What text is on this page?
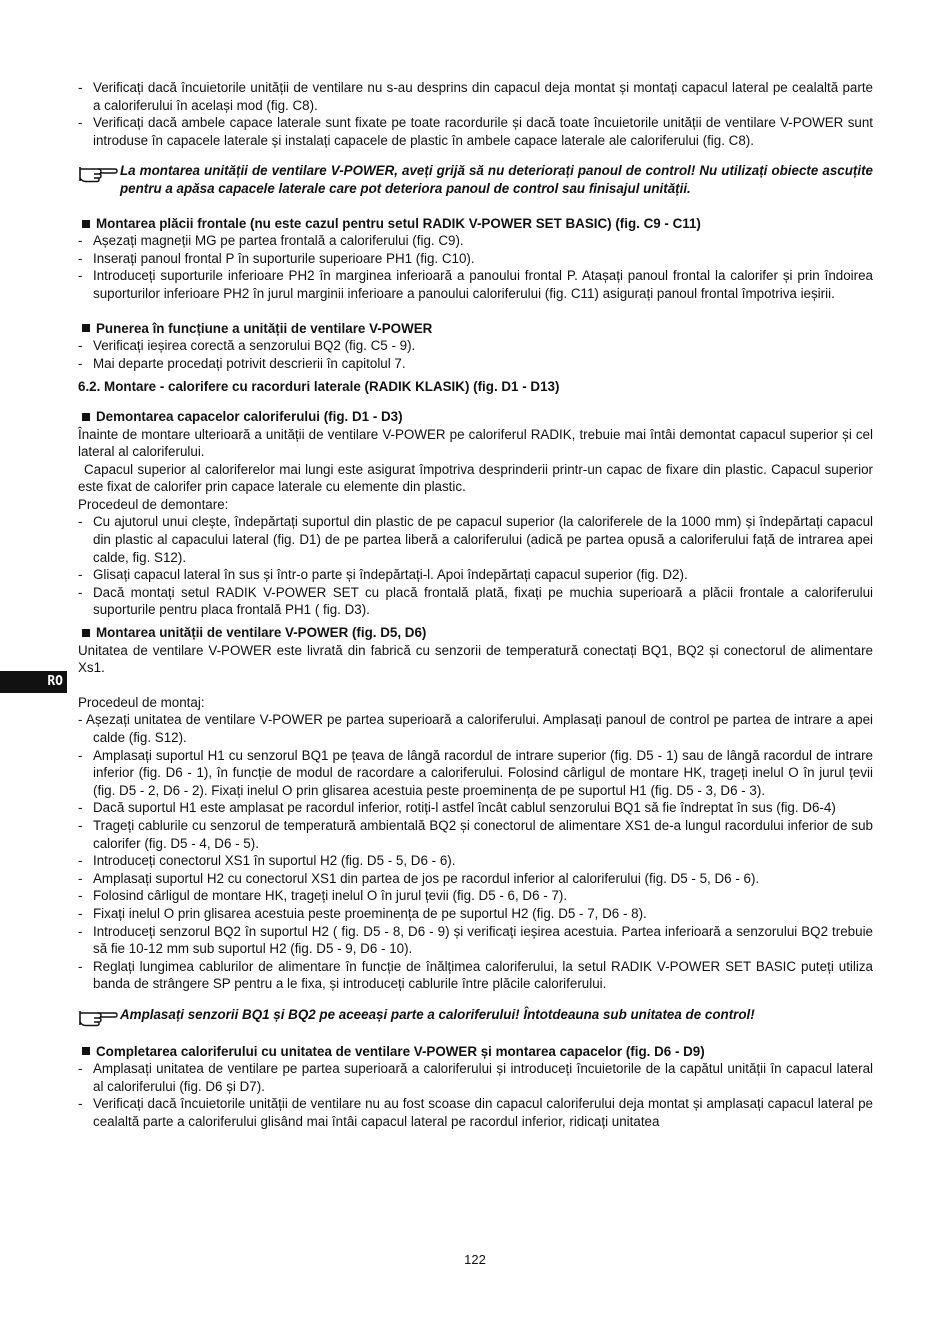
RO
- Verificați dacă încuietorile unității de ventilare nu s-au desprins din capacul deja montat și montați capacul lateral pe cealaltă parte a caloriferului în același mod (fig. C8).
- Verificați dacă ambele capace laterale sunt fixate pe toate racordurile și dacă toate încuietorile unității de ventilare V-POWER sunt introduse în capacele laterale și instalați capacele de plastic în ambele capace laterale ale caloriferului (fig. C8).
La montarea unității de ventilare V-POWER, aveți grijă să nu deteriorați panoul de control! Nu utilizați obiecte ascuțite pentru a apăsa capacele laterale care pot deteriora panoul de control sau finisajul unității.

Montarea plăcii frontale (nu este cazul pentru setul RADIK V-POWER SET BASIC) (fig. C9 - C11)

- Așezați magneții MG pe partea frontală a caloriferului (fig. C9).
- Inserați panoul frontal P în suporturile superioare PH1 (fig. C10).
- Introduceți suporturile inferioare PH2 în marginea inferioară a panoului frontal P. Atașați panoul frontal la calorifer și prin îndoirea suporturilor inferioare PH2 în jurul marginii inferioare a panoului caloriferului (fig. C11) asigurați panoul frontal împotriva ieșirii.

Punerea în funcțiune a unității de ventilare V-POWER

- Verificați ieșirea corectă a senzorului BQ2 (fig. C5 - 9).
- Mai departe procedați potrivit descrierii în capitolul 7.

6.2. Montare - calorifere cu racorduri laterale (RADIK KLASIK) (fig. D1 - D13)

Demontarea capacelor caloriferului (fig. D1 - D3)

Înainte de montare ulterioară a unității de ventilare V-POWER pe caloriferul RADIK, trebuie mai întâi demontat capacul superior și cel lateral al caloriferului.

Capacul superior al caloriferelor mai lungi este asigurat împotriva desprinderii printr-un capac de fixare din plastic. Capacul superior este fixat de calorifer prin capace laterale cu elemente din plastic.

Procedeul de demontare:

- Cu ajutorul unui clește, îndepărtați suportul din plastic de pe capacul superior (la caloriferele de la 1000 mm) și îndepărtați capacul din plastic al capacului lateral (fig. D1) de pe partea liberă a caloriferului (adică pe partea opusă a caloriferului față de intrarea apei calde, fig. S12).
- Glisați capacul lateral în sus și într-o parte și îndepărtați-l. Apoi îndepărtați capacul superior (fig. D2).
- Dacă montați setul RADIK V-POWER SET cu placă frontală plată, fixați pe muchia superioară a plăcii frontale a caloriferului suporturile pentru placa frontală PH1 ( fig. D3).

Montarea unității de ventilare V-POWER (fig. D5, D6)

Unitatea de ventilare V-POWER este livrată din fabrică cu senzorii de temperatură conectați BQ1, BQ2 și conectorul de alimentare Xs1.

Procedeul de montaj:

- Așezați unitatea de ventilare V-POWER pe partea superioară a caloriferului. Amplasați panoul de control pe partea de intrare a apei calde (fig. S12).

- Amplasați suportul H1 cu senzorul BQ1 pe țeava de lângă racordul de intrare superior (fig. D5 - 1) sau de lângă racordul de intrare inferior (fig. D6 - 1), în funcție de modul de racordare a caloriferului. Folosind cârligul de montare HK, trageți inelul O în jurul țevii (fig. D5 - 2, D6 - 2). Fixați inelul O prin glisarea acestuia peste proeminența de pe suportul H1 (fig. D5 - 3, D6 - 3).
- Dacă suportul H1 este amplasat pe racordul inferior, rotiți-l astfel încât cablul senzorului BQ1 să fie îndreptat în sus (fig. D6-4)
- Trageți cablurile cu senzorul de temperatură ambientală BQ2 și conectorul de alimentare XS1 de-a lungul racordului inferior de sub calorifer (fig. D5 - 4, D6 - 5).
- Introduceți conectorul XS1 în suportul H2 (fig. D5 - 5, D6 - 6).
- Amplasați suportul H2 cu conectorul XS1 din partea de jos pe racordul inferior al caloriferului (fig. D5 - 5, D6 - 6).
- Folosind cârligul de montare HK, trageți inelul O în jurul țevii (fig. D5 - 6, D6 - 7).
- Fixați inelul O prin glisarea acestuia peste proeminența de pe suportul H2 (fig. D5 - 7, D6 - 8).
- Introduceți senzorul BQ2 în suportul H2 ( fig. D5 - 8, D6 - 9) și verificați ieșirea acestuia. Partea inferioară a senzorului BQ2 trebuie să fie 10-12 mm sub suportul H2 (fig. D5 - 9, D6 - 10).
- Reglați lungimea cablurilor de alimentare în funcție de înălțimea caloriferului, la setul RADIK V-POWER SET BASIC puteți utiliza banda de strângere SP pentru a le fixa, și introduceți cablurile între plăcile caloriferului.
Amplasați senzorii BQ1 și BQ2 pe aceeași parte a caloriferului! Întotdeauna sub unitatea de control!

Completarea caloriferului cu unitatea de ventilare V-POWER și montarea capacelor (fig. D6 - D9)

- Amplasați unitatea de ventilare pe partea superioară a caloriferului și introduceți încuietorile de la capătul unității în capacul lateral al caloriferului (fig. D6 și D7).
- Verificați dacă încuietorile unității de ventilare nu au fost scoase din capacul caloriferului deja montat și amplasați capacul lateral pe cealaltă parte a caloriferului glisând mai întâi capacul lateral pe racordul inferior, ridicați unitatea
122
